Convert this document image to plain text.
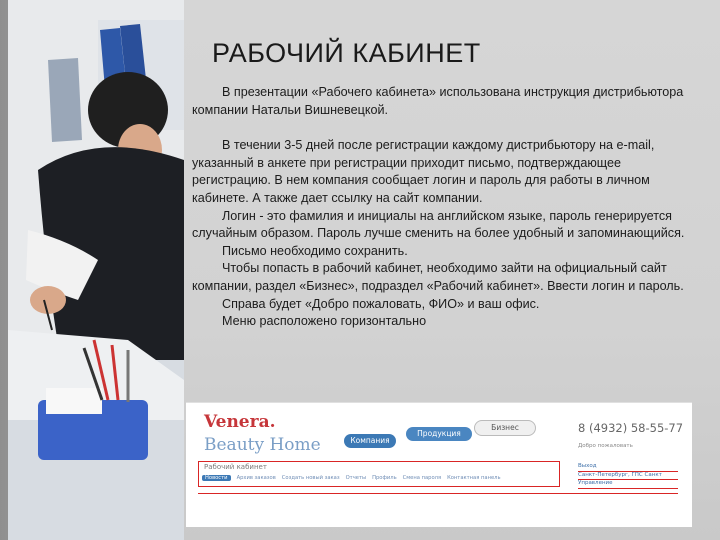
РАБОЧИЙ КАБИНЕТ

В презентации «Рабочего кабинета» использована инструкция дистрибьютора компании Натальи Вишневецкой.

В течении 3-5 дней после регистрации каждому дистрибьютору на e-mail, указанный в анкете при регистрации приходит письмо, подтверждающее регистрацию. В нем компания сообщает логин и пароль для работы в личном кабинете. А также дает ссылку на сайт компании.

Логин - это фамилия и инициалы на английском языке, пароль генерируется случайным образом. Пароль лучше сменить на более удобный и запоминающийся.

Письмо необходимо сохранить.

Чтобы попасть в рабочий кабинет, необходимо зайти на официальный сайт компании, раздел «Бизнес», подраздел «Рабочий кабинет». Ввести логин и пароль.

Справа будет «Добро пожаловать, ФИО» и ваш офис.

Меню расположено горизонтально

Venera.
Beauty Home	Компания
Продукция
Бизнес	8 (4932) 58-55-77
Добро пожаловать
Рабочий кабинет
Новости	Архив заказов Создать новый заказ Отчеты Профиль Смена пароля Контактная панель
Выход
Санкт-Петербург, ГПС Санкт
Управление
